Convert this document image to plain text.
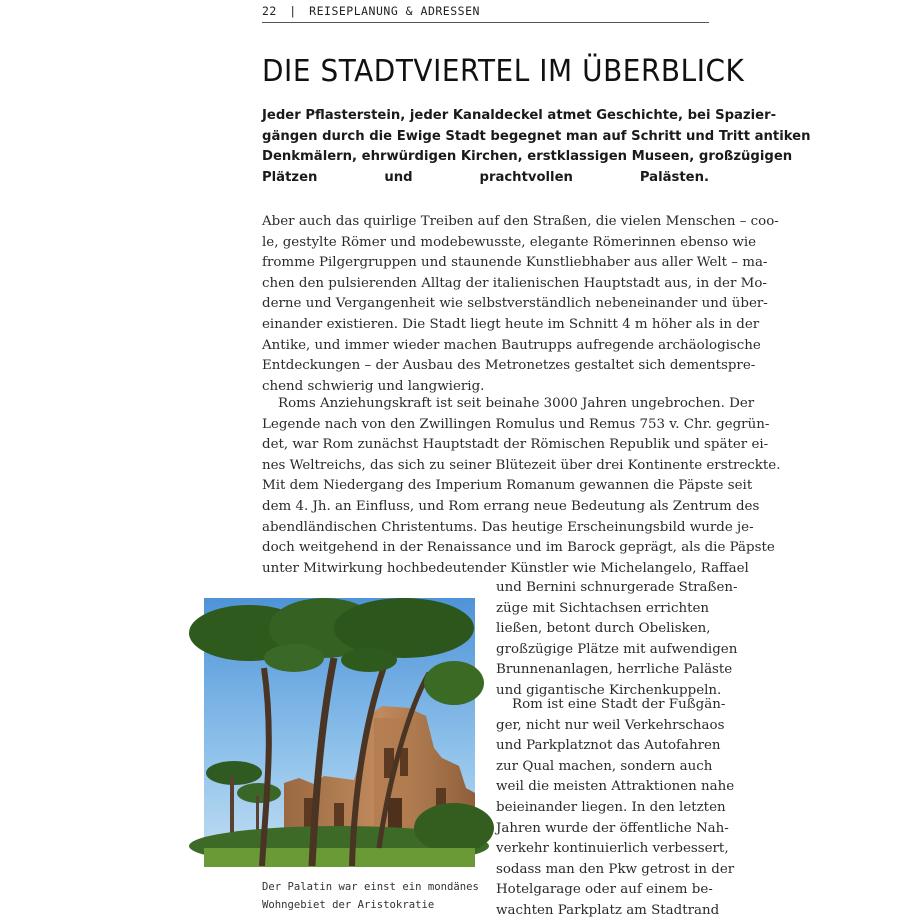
22 | REISEPLANUNG & ADRESSEN
DIE STADTVIERTEL IM ÜBERBLICK
Jeder Pflasterstein, jeder Kanaldeckel atmet Geschichte, bei Spazier-
gängen durch die Ewige Stadt begegnet man auf Schritt und Tritt antiken
Denkmälern, ehrwürdigen Kirchen, erstklassigen Museen, großzügigen
Plätzen und prachtvollen Palästen.
Aber auch das quirlige Treiben auf den Straßen, die vielen Menschen – coo-
le, gestylte Römer und modebewusste, elegante Römerinnen ebenso wie
fromme Pilgergruppen und staunende Kunstliebhaber aus aller Welt – ma-
chen den pulsierenden Alltag der italienischen Hauptstadt aus, in der Mo-
derne und Vergangenheit wie selbstverständlich nebeneinander und über-
einander existieren. Die Stadt liegt heute im Schnitt 4 m höher als in der
Antike, und immer wieder machen Bautrupps aufregende archäologische
Entdeckungen – der Ausbau des Metronetzes gestaltet sich dementspre-
chend schwierig und langwierig.
Roms Anziehungskraft ist seit beinahe 3000 Jahren ungebrochen. Der
Legende nach von den Zwillingen Romulus und Remus 753 v. Chr. gegrün-
det, war Rom zunächst Hauptstadt der Römischen Republik und später ei-
nes Weltreichs, das sich zu seiner Blütezeit über drei Kontinente erstreckte.
Mit dem Niedergang des Imperium Romanum gewannen die Päpste seit
dem 4. Jh. an Einfluss, und Rom errang neue Bedeutung als Zentrum des
abendländischen Christentums. Das heutige Erscheinungsbild wurde je-
doch weitgehend in der Renaissance und im Barock geprägt, als die Päpste
unter Mitwirkung hochbedeutender Künstler wie Michelangelo, Raffael
und Bernini schnurgerade Straßen-
züge mit Sichtachsen errichten
ließen, betont durch Obelisken,
großzügige Plätze mit aufwendigen
Brunnenanlagen, herrliche Paläste
und gigantische Kirchenkuppeln.
Rom ist eine Stadt der Fußgän-
ger, nicht nur weil Verkehrschaos
und Parkplatznot das Autofahren
zur Qual machen, sondern auch
weil die meisten Attraktionen nahe
beieinander liegen. In den letzten
Jahren wurde der öffentliche Nah-
verkehr kontinuierlich verbessert,
sodass man den Pkw getrost in der
Hotelgarage oder auf einem be-
wachten Parkplatz am Stadtrand
Der Palatin war einst ein mondänes
Wohngebiet der Aristokratie
